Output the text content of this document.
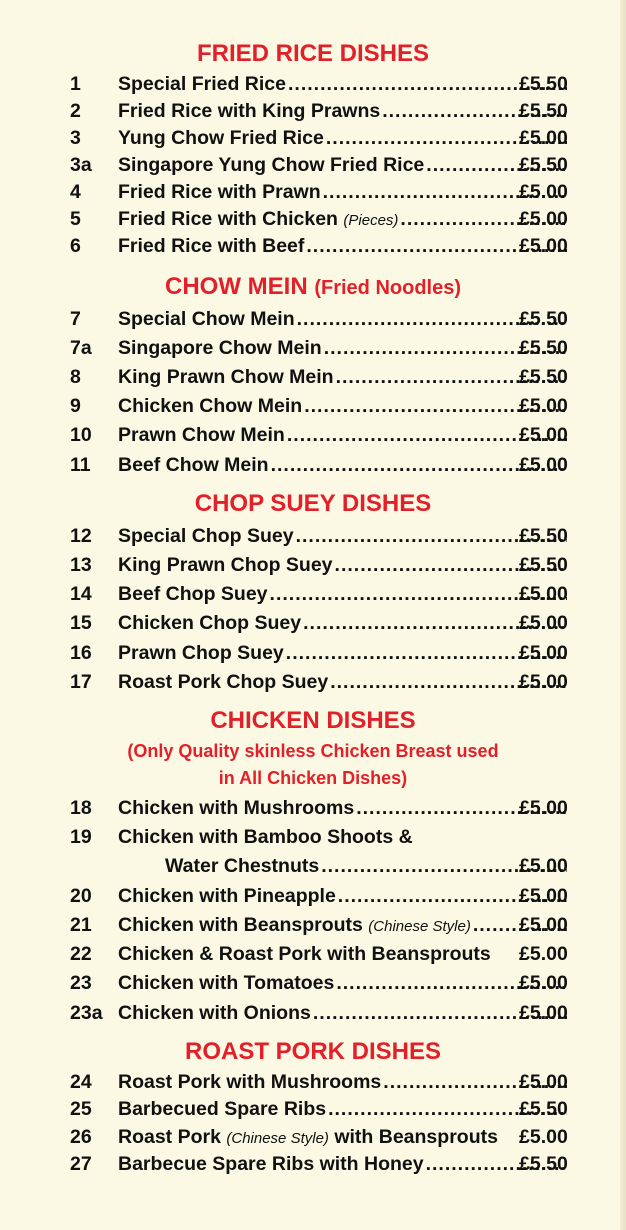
FRIED RICE DISHES
1 Special Fried Rice .....	£5.50
2 Fried Rice with King Prawns .....	£5.50
3 Yung Chow Fried Rice .....	£5.00
3a Singapore Yung Chow Fried Rice .....	£5.50
4 Fried Rice with Prawn .....	£5.00
5 Fried Rice with Chicken (Pieces) .....	£5.00
6 Fried Rice with Beef .....	£5.00
CHOW MEIN (Fried Noodles)
7 Special Chow Mein .....	£5.50
7a Singapore Chow Mein .....	£5.50
8 King Prawn Chow Mein .....	£5.50
9 Chicken Chow Mein .....	£5.00
10 Prawn Chow Mein .....	£5.00
11 Beef Chow Mein .....	£5.00
CHOP SUEY DISHES
12 Special Chop Suey .....	£5.50
13 King Prawn Chop Suey .....	£5.50
14 Beef Chop Suey .....	£5.00
15 Chicken Chop Suey .....	£5.00
16 Prawn Chop Suey .....	£5.00
17 Roast Pork Chop Suey .....	£5.00
CHICKEN DISHES
(Only Quality skinless Chicken Breast used
in All Chicken Dishes)
18 Chicken with Mushrooms .....	£5.00
19 Chicken with Bamboo Shoots &
Water Chestnuts .....	£5.00
20 Chicken with Pineapple .....	£5.00
21 Chicken with Beansprouts (Chinese Style) ..... £5.00
22 Chicken & Roast Pork with Beansprouts £5.00
23 Chicken with Tomatoes .....	£5.00
23a Chicken with Onions .....	£5.00
ROAST PORK DISHES
24 Roast Pork with Mushrooms .....	£5.00
25 Barbecued Spare Ribs .....	£5.50
26 Roast Pork (Chinese Style) with Beansprouts £5.00
27 Barbecue Spare Ribs with Honey .....	£5.50
